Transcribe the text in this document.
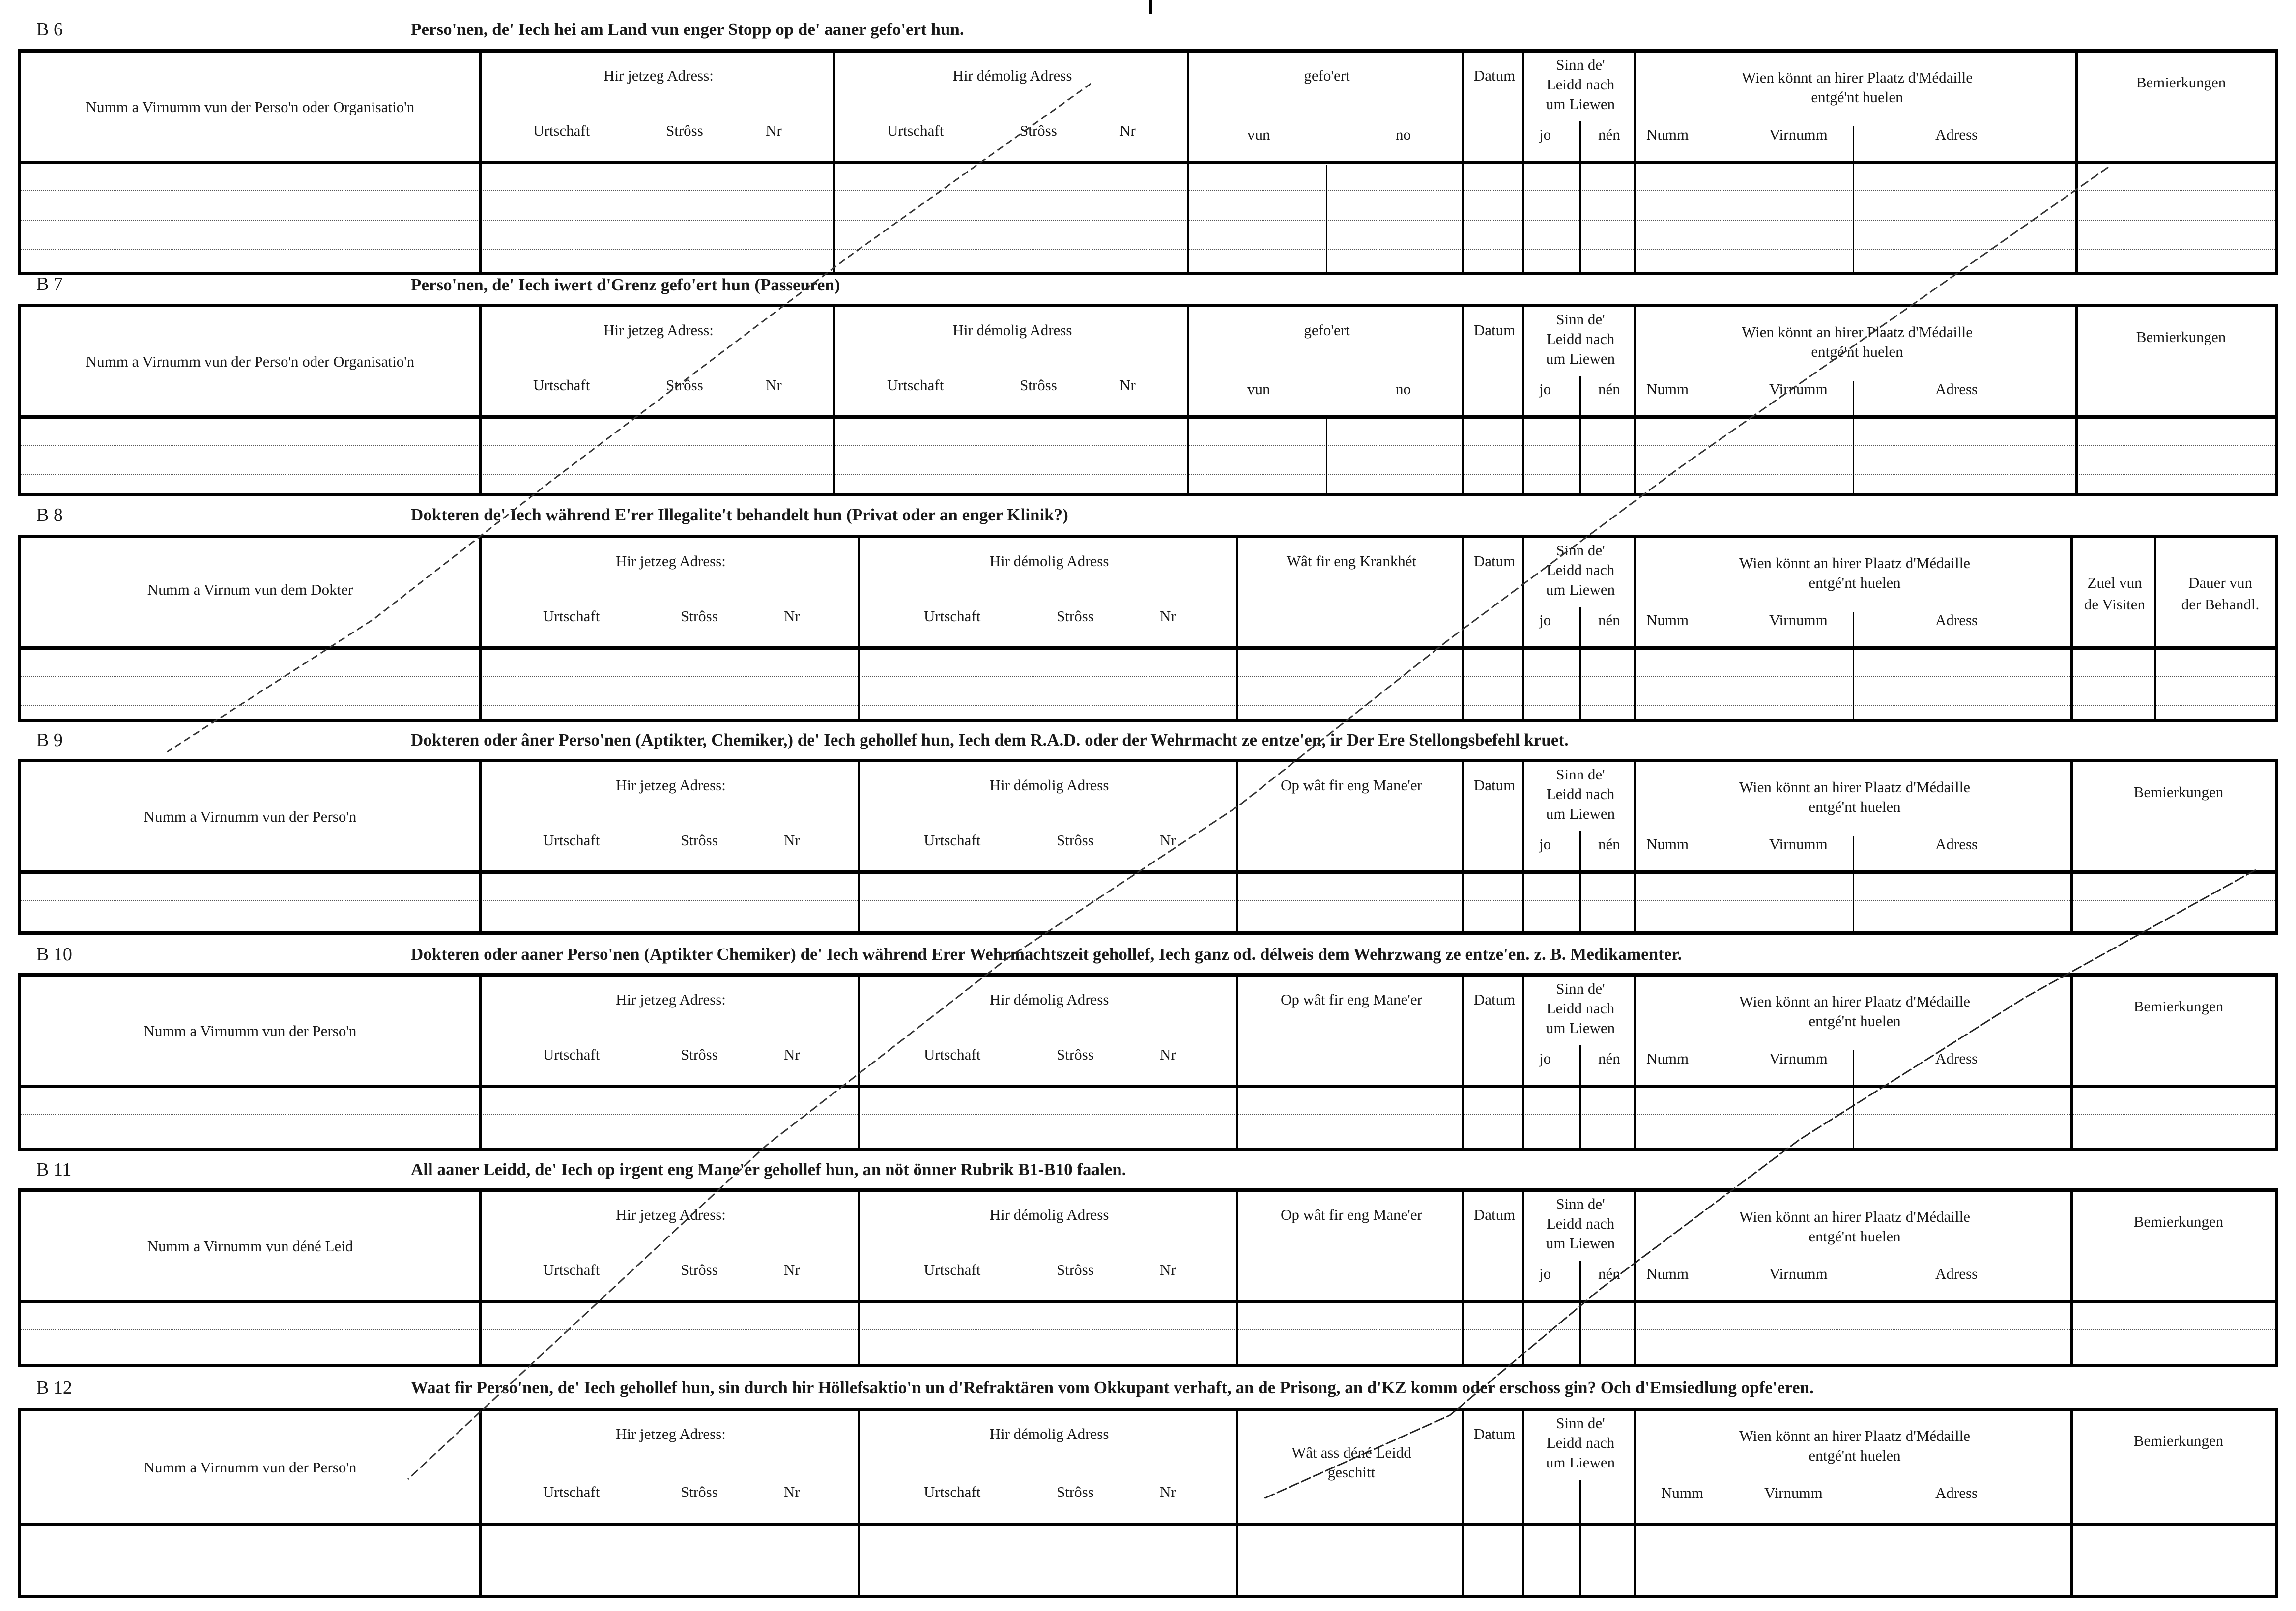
B 6	Perso'nen, de' Iech hei am Land vun enger Stopp op de' aaner gefo'ert hun.
Numm a Virnumm vun der Perso'n oder Organisatio'n
Hir jetzeg Adress:
Urtschaft	Strôss	Nr
Hir démolig Adress
Urtschaft	Strôss	Nr
gefo'ert
vun	no
Datum
Sinn de'
Leidd nach
um Liewen
jo	nén
Wien könnt an hirer Plaatz d'Médaille
entgé'nt huelen
Numm	Virnumm	Adress
Bemierkungen
B 7	Perso'nen, de' Iech iwert d'Grenz gefo'ert hun (Passeuren)
Numm a Virnumm vun der Perso'n oder Organisatio'n
Hir jetzeg Adress:
Urtschaft	Strôss	Nr
Hir démolig Adress
Urtschaft	Strôss	Nr
gefo'ert
vun	no
Datum
Sinn de'
Leidd nach
um Liewen
jo	nén
Wien könnt an hirer Plaatz d'Médaille
entgé'nt huelen
Numm	Virnumm	Adress
Bemierkungen
B 8	Dokteren de' Iech während E'rer Illegalite't behandelt hun (Privat oder an enger Klinik?)
Numm a Virnum vun dem Dokter
Hir jetzeg Adress:
Urtschaft	Strôss	Nr
Hir démolig Adress
Urtschaft	Strôss	Nr
Wât fir eng Krankhét	Datum
Sinn de'
Leidd nach
um Liewen
jo	nén
Wien könnt an hirer Plaatz d'Médaille
entgé'nt huelen
Numm	Virnumm	Adress
Zuel vun
de Visiten
Dauer vun
der Behandl.
B 9	Dokteren oder âner Perso'nen (Aptikter, Chemiker,) de' Iech gehollef hun, Iech dem R.A.D. oder der Wehrmacht ze entze'en, ir Der Ere Stellongsbefehl kruet.
Numm a Virnumm vun der Perso'n
Hir jetzeg Adress:
Urtschaft	Strôss	Nr
Hir démolig Adress
Urtschaft	Strôss	Nr
Op wât fir eng Mane'er	Datum
Sinn de'
Leidd nach
um Liewen
jo	nén
Wien könnt an hirer Plaatz d'Médaille
entgé'nt huelen
Numm	Virnumm	Adress
Bemierkungen
B 10	Dokteren oder aaner Perso'nen (Aptikter Chemiker) de' Iech während Erer Wehrmachtszeit gehollef, Iech ganz od. délweis dem Wehrzwang ze entze'en. z. B. Medikamenter.
Numm a Virnumm vun der Perso'n
Hir jetzeg Adress:
Urtschaft	Strôss	Nr
Hir démolig Adress
Urtschaft	Strôss	Nr
Op wât fir eng Mane'er	Datum
Sinn de'
Leidd nach
um Liewen
jo	nén
Wien könnt an hirer Plaatz d'Médaille
entgé'nt huelen
Numm	Virnumm	Adress
Bemierkungen
B 11	All aaner Leidd, de' Iech op irgent eng Mane'er gehollef hun, an nöt önner Rubrik B1-B10 faalen.
Numm a Virnumm vun déné Leid
Hir jetzeg Adress:
Urtschaft	Strôss	Nr
Hir démolig Adress
Urtschaft	Strôss	Nr
Op wât fir eng Mane'er	Datum
Sinn de'
Leidd nach
um Liewen
jo	nén
Wien könnt an hirer Plaatz d'Médaille
entgé'nt huelen
Numm	Virnumm	Adress
Bemierkungen
B 12	Waat fir Perso'nen, de' Iech gehollef hun, sin durch hir Höllefsaktio'n un d'Refraktären vom Okkupant verhaft, an de Prisong, an d'KZ komm oder erschoss gin? Och d'Emsiedlung opfe'eren.
Numm a Virnumm vun der Perso'n
Hir jetzeg Adress:
Urtschaft	Strôss	Nr
Hir démolig Adress
Urtschaft	Strôss	Nr
Wât ass déné Leidd
geschitt
Datum
Sinn de'
Leidd nach
um Liewen
Wien könnt an hirer Plaatz d'Médaille
entgé'nt huelen
Numm	Virnumm	Adress
Bemierkungen
